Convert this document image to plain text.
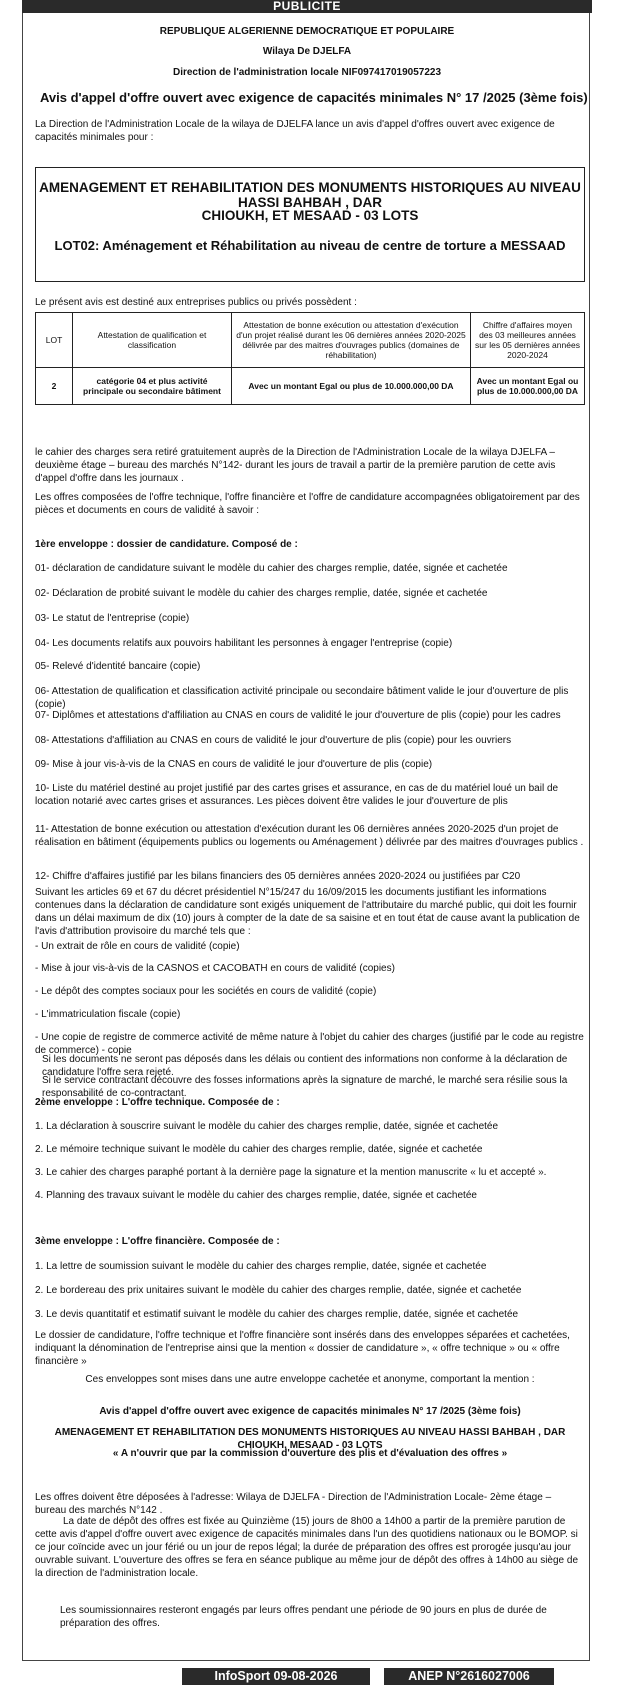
PUBLICITE
REPUBLIQUE ALGERIENNE DEMOCRATIQUE ET POPULAIRE
Wilaya De DJELFA
Direction de l'administration locale NIF097417019057223
Avis d'appel d'offre ouvert avec exigence de capacités minimales N° 17 /2025 (3ème fois)
La Direction de l'Administration Locale de la wilaya de DJELFA lance un avis d'appel d'offres ouvert avec exigence de capacités minimales pour :
AMENAGEMENT ET REHABILITATION DES MONUMENTS HISTORIQUES AU NIVEAU HASSI BAHBAH , DAR
CHIOUKH, ET MESAAD - 03 LOTS
LOT02: Aménagement et Réhabilitation au niveau de centre de torture a MESSAAD
Le présent avis est destiné aux entreprises publics ou privés possèdent :
LOT	Attestation de qualification et classification	Attestation de bonne exécution ou attestation d'exécution d'un projet réalisé durant les 06 dernières années 2020-2025 délivrée par des maitres d'ouvrages publics (domaines de réhabilitation)	Chiffre d'affaires moyen des 03 meilleures années sur les 05 dernières années 2020-2024
2	catégorie 04 et plus activité principale ou secondaire bâtiment	Avec un montant Egal ou plus de 10.000.000,00 DA	Avec un montant Egal ou plus de 10.000.000,00 DA
le cahier des charges sera retiré gratuitement auprès de la Direction de l'Administration Locale de la wilaya DJELFA – deuxième étage – bureau des marchés N°142- durant les jours de travail a partir de la première parution de cette avis d'appel d'offre dans les journaux .
Les offres composées de l'offre technique, l'offre financière et l'offre de candidature accompagnées obligatoirement par des pièces et documents en cours de validité à savoir :
1ère enveloppe : dossier de candidature. Composé de :
01- déclaration de candidature suivant le modèle du cahier des charges remplie, datée, signée et cachetée
02- Déclaration de probité suivant le modèle du cahier des charges remplie, datée, signée et cachetée
03- Le statut de l'entreprise (copie)
04- Les documents relatifs aux pouvoirs habilitant les personnes à engager l'entreprise (copie)
05- Relevé d'identité bancaire (copie)
06- Attestation de qualification et classification activité principale ou secondaire bâtiment valide le jour d'ouverture de plis (copie)
07- Diplômes et attestations d'affiliation au CNAS en cours de validité le jour d'ouverture de plis (copie) pour les cadres
08- Attestations d'affiliation au CNAS en cours de validité le jour d'ouverture de plis (copie) pour les ouvriers
09- Mise à jour vis-à-vis de la CNAS en cours de validité le jour d'ouverture de plis (copie)
10- Liste du matériel destiné au projet justifié par des cartes grises et assurance, en cas de du matériel loué un bail de location notarié avec cartes grises et assurances. Les pièces doivent être valides le jour d'ouverture de plis
11- Attestation de bonne exécution ou attestation d'exécution durant les 06 dernières années 2020-2025 d'un projet de réalisation en bâtiment (équipements publics ou logements ou Aménagement ) délivrée par des maitres d'ouvrages publics .
12- Chiffre d'affaires justifié par les bilans financiers des 05 dernières années 2020-2024 ou justifiées par C20
Suivant les articles 69 et 67 du décret présidentiel N°15/247 du 16/09/2015 les documents justifiant les informations contenues dans la déclaration de candidature sont exigés uniquement de l'attributaire du marché public, qui doit les fournir dans un délai maximum de dix (10) jours à compter de la date de sa saisine et en tout état de cause avant la publication de l'avis d'attribution provisoire du marché tels que :
- Un extrait de rôle en cours de validité (copie)
- Mise à jour vis-à-vis de la CASNOS et CACOBATH en cours de validité (copies)
- Le dépôt des comptes sociaux pour les sociétés en cours de validité (copie)
- L'immatriculation fiscale (copie)
- Une copie de registre de commerce activité de même nature à l'objet du cahier des charges (justifié par le code au registre de commerce) - copie
Si les documents ne seront pas déposés dans les délais ou contient des informations non conforme à la déclaration de candidature l'offre sera rejeté.
Si le service contractant découvre des fosses informations après la signature de marché, le marché sera résilie sous la responsabilité de co-contractant.
2ème enveloppe : L'offre technique. Composée de :
1. La déclaration à souscrire suivant le modèle du cahier des charges remplie, datée, signée et cachetée
2. Le mémoire technique suivant le modèle du cahier des charges remplie, datée, signée et cachetée
3. Le cahier des charges paraphé portant à la dernière page la signature et la mention manuscrite « lu et accepté ».
4. Planning des travaux suivant le modèle du cahier des charges remplie, datée, signée et cachetée
3ème enveloppe : L'offre financière. Composée de :
1. La lettre de soumission suivant le modèle du cahier des charges remplie, datée, signée et cachetée
2. Le bordereau des prix unitaires suivant le modèle du cahier des charges remplie, datée, signée et cachetée
3. Le devis quantitatif et estimatif suivant le modèle du cahier des charges remplie, datée, signée et cachetée
Le dossier de candidature, l'offre technique et l'offre financière sont insérés dans des enveloppes séparées et cachetées, indiquant la dénomination de l'entreprise ainsi que la mention « dossier de candidature », « offre technique » ou « offre financière »
Ces enveloppes sont mises dans une autre enveloppe cachetée et anonyme, comportant la mention :
Avis d'appel d'offre ouvert avec exigence de capacités minimales N° 17 /2025 (3ème fois)
AMENAGEMENT ET REHABILITATION DES MONUMENTS HISTORIQUES AU NIVEAU HASSI BAHBAH , DAR CHIOUKH, MESAAD - 03 LOTS
« A n'ouvrir que par la commission d'ouverture des plis et d'évaluation des offres »
Les offres doivent être déposées à l'adresse: Wilaya de DJELFA - Direction de l'Administration Locale- 2ème étage – bureau des marchés N°142 .
La date de dépôt des offres est fixée au Quinzième (15) jours de 8h00 a 14h00 a partir de la première parution de cette avis d'appel d'offre ouvert avec exigence de capacités minimales dans l'un des quotidiens nationaux ou le BOMOP. si ce jour coïncide avec un jour férié ou un jour de repos légal; la durée de préparation des offres est prorogée jusqu'au jour ouvrable suivant. L'ouverture des offres se fera en séance publique au même jour de dépôt des offres à 14h00 au siège de la direction de l'administration locale.
Les soumissionnaires resteront engagés par leurs offres pendant une période de 90 jours en plus de durée de préparation des offres.
InfoSport 09-08-2026	ANEP N°2616027006
